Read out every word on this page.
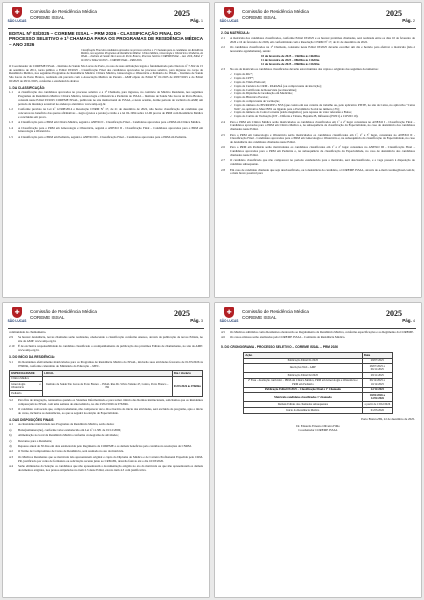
✚
SÃO LUCAS
Comissão de Residência Médica
COREME ISSAL	2025
Pág. 1
EDITAL Nº 03/2025 – COREME ISSAL – PRM 2026 - CLASSIFICAÇÃO FINAL DO PROCESSO SELETIVO e 1ª CHAMADA PARA OS PROGRAMAS DE RESIDÊNCIA MÉDICA – ANO 2026
Classificação Final dos candidatos aprovados no processo seletivo e 1ª Chamada para os candidatos em Residência Médica, nos seguintes Programas de Residência Médica: Clínica Médica, Ginecologia e Obstetrícia e Pediatria, do ISSAL – Instituto de Saúde São Lucas de Porto Branco, Processo Seletivo COREME/ISSAL – Ano 2026, Edital nº 01/2025 e Edital 02/2025 – COREME ISSAL – PRM 2026.
O Coordenador da COREME ISSAL - Instituto de Saúde São Lucas de Porto, no uso de suas atribuições legais e fundamentado pelo Decreto nº 7.562 de 15 de setembro de 2011, torna público o Edital 03/2025 - Classificação Final dos candidatos aprovados no processo seletivo, para ingresso no corpo de Residência Médica, nos seguintes Programas de Residência Médica: Clínica Médica, Ginecologia e Obstetrícia e Pediatria do ISSAL - Instituto de Saúde São Lucas de Porto Branco, realizado em parceria com a Associação Médica do Paraná - AMP objeto do Edital Nº 01/2025 de 28/07/2025 e do Edital 02/2025 de 28/11/2025, conforme o estabelecido abaixo:
1. DA CLASSIFICAÇÃO:
1.1	A classificação dos candidatos aprovados no processo seletivo e a 1ª Chamada, para ingresso, no contrário de Médico Residente, nos seguintes Programas de Residência Médica: Clínica Médica, Ginecologia e Obstetrícia e Pediatria do ISSAL – Instituto de Saúde São Lucas de Porto Branco, constam neste Edital 03/2025 COREME ISSAL, publicado no site institucional do ISSAL, e nesta ocasião, dorme período de vacância da AMP, um período de mudança acessível no endereço eletrônico www.amp.org.br.
1.2	Conforme previsto na Lei nº 12.998/2014 e Resolução CNRM Nº 17, de 21 de dezembro de 2022, não houve classificação de candidato que concorreu no benefício das quotas afirmativas – negro (pretos e pardos) e índio e a lei 02-1994 sobre 12-96 provas de PRM com Residência Médica e concluídas em prova.
1.3	A Classificação para o PRM em Clínica Médica, seguirá o ANEXO I - Classificação Final – Candidatos aprovados para o PRM em Clínica Médica.
1.4	A Classificação para o PRM em Ginecologia e Obstetrícia, seguirá o ANEXO II - Classificação Final – Candidatos aprovados para o PRM em Ginecologia e Obstetrícia.
1.5	A Classificação para o PRM em Pediatria, seguirá o ANEXO III - Classificação Final – Candidatos aprovados para o PRM em Pediatria.
✚
SÃO LUCAS
Comissão de Residência Médica
COREME ISSAL	2025
Pág. 2
2. DA MATRÍCULA:
2.1	A matrícula dos candidatos classificados, conforme Edital 03/2025 e os houver próximas chamadas, será realizada entre os dias 10 de fevereiro de 2026 e 16 de fevereiro de 2026, em conformidade com a Resolução CNRM Nº 17, de 21 de dezembro de 2022.
2.2	Os candidatos classificados na 1ª Chamada, constante neste Edital 03/2025 deverão escolher um dia e horário para efetivar a matrícula (não é necessário agendamento), sendo:
10 de fevereiro de 2025 – 13h00m às 16h00m
11 de fevereiro de 2025 – 08h00m às 11h30m
12 de fevereiro de 2025 – 08h00m às 11h30m
2.3	No ato da matrícula os candidatos classificados deverão estar munidos das cópias e originais dos seguintes documentos:
✓ Cópia do RG*;
✓ Cópia do CPF*;
✓ Cópia do Título Eleitoral;
✓ Cópia da Carteira do CRM - PARANÁ (ou comprovante de inscrição);
✓ Cópia do Certificado de Reservista (se masculino);
✓ Cópia do Diploma de Graduação em Medicina;
✓ Cópia do Histórico Escolar;
✓ Cópia do comprovante de vacinação;
✓ Cópia do número do PIS/PASEP e NSS (que consta em sua carteira de trabalho ou, pelo aplicativo PISTE, no site da Caixa, no aplicativo "Caixa Tem", no aplicativo Meu INSS ou ligando para a Previdência Social no número 135);
✓ Cópia do número do Conta Corrente (saldo magnético) para repasse do valor referente a Bolsa;
✓ Cópia do Cartão de Vacinação (DT – Difteria e Tétano, Hepatite B, Influenza (H1N1) e COVID 19).
2.4	Para o PRM em Clínica Médica serão matriculados os candidatos classificados em 1º a 2º lugar constantes no ANEXO I - Classificação Final – Candidatos aprovados para o PRM em Clínica Médica e, na subsequência da classificação da Especialidade, no caso de desistência dos candidatos chamados neste Edital.
2.5	Para o PRM em Ginecologia e Obstetrícia serão matriculados os candidatos classificados em 1º, 2º e 3º lugar, constantes no ANEXO II - Classificação Final - Candidatos aprovados para o PRM em Ginecologia e Obstetrícia e, na subsequência da classificação da Especialidade, no caso de desistência dos candidatos chamados neste Edital.
2.6	Para o PRM em Pediatria serão matriculados os candidatos classificados em 1º e 2º lugar constantes no ANEXO III - Classificação Final – Candidatos aprovados para o PRM em Pediatria e, na subsequência da classificação da Especialidade, no caso de desistência dos candidatos chamados neste Edital.
2.7	O candidato classificado que não comparecer no período estabelecido para a matrícula, será desclassificado, e a vaga passará à disposição do candidato subsequente.
2.8	Em caso de candidato chamado que seja desclassificado, ou à desistência do candidato, a COREME ISSAL, através do e-mail coreme@issal.com.br, o mais breve possível para
✚
SÃO LUCAS
Comissão de Residência Médica
COREME ISSAL	2025
Pág. 3
continuidade do chamamento.
2.9	Se houver desistência, novas chamadas serão realizadas, obedecendo a classificação conforme Anexos, através da publicação de novos Editais, no site da AMP: www.amp.org.br.
2.10	É de exclusiva responsabilidade do candidato classificado o acompanhamento da publicação dos próximos Editais de chamamento, no site da AMP: www.amp.org.br.
3. DO INÍCIO DA RESIDÊNCIA:
3.1	Os Residentes efetivamente matriculados para os Programas de Residência Médica do ISSAL, iniciarão suas atividades fevereiro de 01/03/2026 às 07h00m, conforme calendário do Ministério da Educação – MEC.
ESPECIALIDADE	LOCAL	Dia / Horário
Clínica Médica	Instituto de Saúde São Lucas de Porto Branco – ISSAL Rua Dr. Silvio Valente 47, Centro, Porto Branco – PR	01/03/2026 às 07h00m
Ginecologia e Obstetrícia		
Pediatria		
3.2	Para fins de integração, tentaremos quando os Sistemas Informatizado e para tomar ciência das Rotinas institucionais, solicitamos que os Residentes compareçam no ISSAL com uma semana de antecedência, no dia 23/02/2026 às 07h30m.
3.3	O candidato convocado que, comprovadamente, não comparecer até o dia e horário do início das atividades, será excluído do programa, apto o início do curso, inclusive as desistências, ao que se seguirá na eleição de Especialidade.
4. DAS DISPOSIÇÕES FINAIS
4.1	Ao Residente matriculado nos Programas de Residência Médica, serão dados:
a)	Bolsa(remuneração), conforme valor estabelecido em Lei nº 11.381 de 01/12/2006;
b)	Alimentação no local da Residência Médica conforme cronograma de atividades;
c)	Descanso para o Residente;
d)	Repouso anual de 30 dias em data estabelecida pelo Regimento da COREME e os demais benefícios pelo contidas na resoluções da CNRM.
4.2	O Termo de Compromisso de Curso de Residência, será assinado no ato da matrícula.
4.3	Os Médicos Residentes que se matricula não apresentarem original e cópia do Diploma de Médico e de Carteira Profissional Expedida pelo CRM-PR, justificado por conta de formatura ou solicitação recente junto ao CRM-PR, deverão fazê-lo até o dia 16/03/2026.
4.4	Serão eliminados da Seleção os candidatos que não apresentarem a documentação exigida no ato da matrícula ou que não apresentarem os demais documentos exigidos, nos prazos estipulados no item 2.3 deste Edital, exceto item 4.3 com justificativa.
✚
SÃO LUCAS
Comissão de Residência Médica
COREME ISSAL	2025
Pág. 4
4.5	Os Médicos admitidos como Residentes obedecerão ao Regulamento da Residência Médica, conforme especificações e ao Regimento da COREME.
4.6	Os casos omissos serão analisados pela COREME ISSAL - Comissão de Residência Médica.
5. DO CRONOGRAMA - PROCESSO SELETIVO – COREME ISSAL – PRM 2026
Ação	Data
Publicação Edital 01/2025	28/07/2025
Inscrições Web - AMP	28/07/2025 a 06/11/2025
Publicação Edital 02/2025	28/11/2025
2ª Fase - Avaliação curricular – PRM em Clínica Médica, PRM em Ginecologia e Obstetrícia e PRM em Pediatria	09/12/2025 a 10/12/2025
Publicação Edital 03/2025 – Classificação Final e 1ª Chamada	22/12/2025
Matrícula candidatos classificados 1ª chamada	10/02/2026 a 12/02/2026
Demais Editais das chamadas subsequentes	a partir de 13/02/2026
Início da Residência Médica	01/03/2026
Porto Branco/PR, 22 de dezembro de 2025.
Dr. Eduardo Ernesto Oliveira Filho
Coordenador COREME ISSAL
